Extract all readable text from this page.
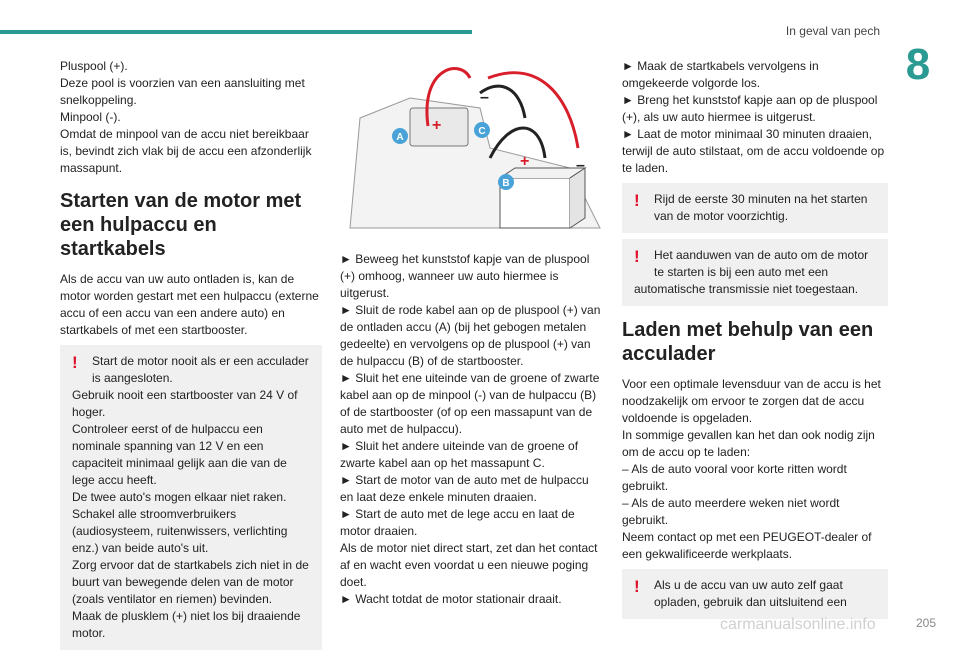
In geval van pech
8

Pluspool (+).

Deze pool is voorzien van een aansluiting met snelkoppeling.

Minpool (-).

Omdat de minpool van de accu niet bereikbaar is, bevindt zich vlak bij de accu een afzonderlijk massapunt.

Starten van de motor met een hulpaccu en startkabels

Als de accu van uw auto ontladen is, kan de motor worden gestart met een hulpaccu (externe accu of een accu van een andere auto) en startkabels of met een startbooster.

!	Start de motor nooit als er een acculader is aangesloten.
Gebruik nooit een startbooster van 24 V of hoger.
Controleer eerst of de hulpaccu een nominale spanning van 12 V en een capaciteit minimaal gelijk aan die van de lege accu heeft.
De twee auto's mogen elkaar niet raken.
Schakel alle stroomverbruikers (audiosysteem, ruitenwissers, verlichting enz.) van beide auto's uit.
Zorg ervoor dat de startkabels zich niet in de buurt van bewegende delen van de motor (zoals ventilator en riemen) bevinden.
Maak de plusklem (+) niet los bij draaiende motor.
A
C
B
+
+
–
–

► Beweeg het kunststof kapje van de pluspool (+) omhoog, wanneer uw auto hiermee is uitgerust.

► Sluit de rode kabel aan op de pluspool (+) van de ontladen accu (A) (bij het gebogen metalen gedeelte) en vervolgens op de pluspool (+) van de hulpaccu (B) of de startbooster.

► Sluit het ene uiteinde van de groene of zwarte kabel aan op de minpool (-) van de hulpaccu (B) of de startbooster (of op een massapunt van de auto met de hulpaccu).

► Sluit het andere uiteinde van de groene of zwarte kabel aan op het massapunt C.

► Start de motor van de auto met de hulpaccu en laat deze enkele minuten draaien.

► Start de auto met de lege accu en laat de motor draaien.

Als de motor niet direct start, zet dan het contact af en wacht even voordat u een nieuwe poging doet.

► Wacht totdat de motor stationair draait.

► Maak de startkabels vervolgens in omgekeerde volgorde los.

► Breng het kunststof kapje aan op de pluspool (+), als uw auto hiermee is uitgerust.

► Laat de motor minimaal 30 minuten draaien, terwijl de auto stilstaat, om de accu voldoende op te laden.

!	Rijd de eerste 30 minuten na het starten van de motor voorzichtig.
!	Het aanduwen van de auto om de motor te starten is bij een auto met een
automatische transmissie niet toegestaan.
Laden met behulp van een acculader

Voor een optimale levensduur van de accu is het noodzakelijk om ervoor te zorgen dat de accu voldoende is opgeladen.

In sommige gevallen kan het dan ook nodig zijn om de accu op te laden:

– Als de auto vooral voor korte ritten wordt gebruikt.

– Als de auto meerdere weken niet wordt gebruikt.

Neem contact op met een PEUGEOT-dealer of een gekwalificeerde werkplaats.

!	Als u de accu van uw auto zelf gaat opladen, gebruik dan uitsluitend een
carmanualsonline.info	205
